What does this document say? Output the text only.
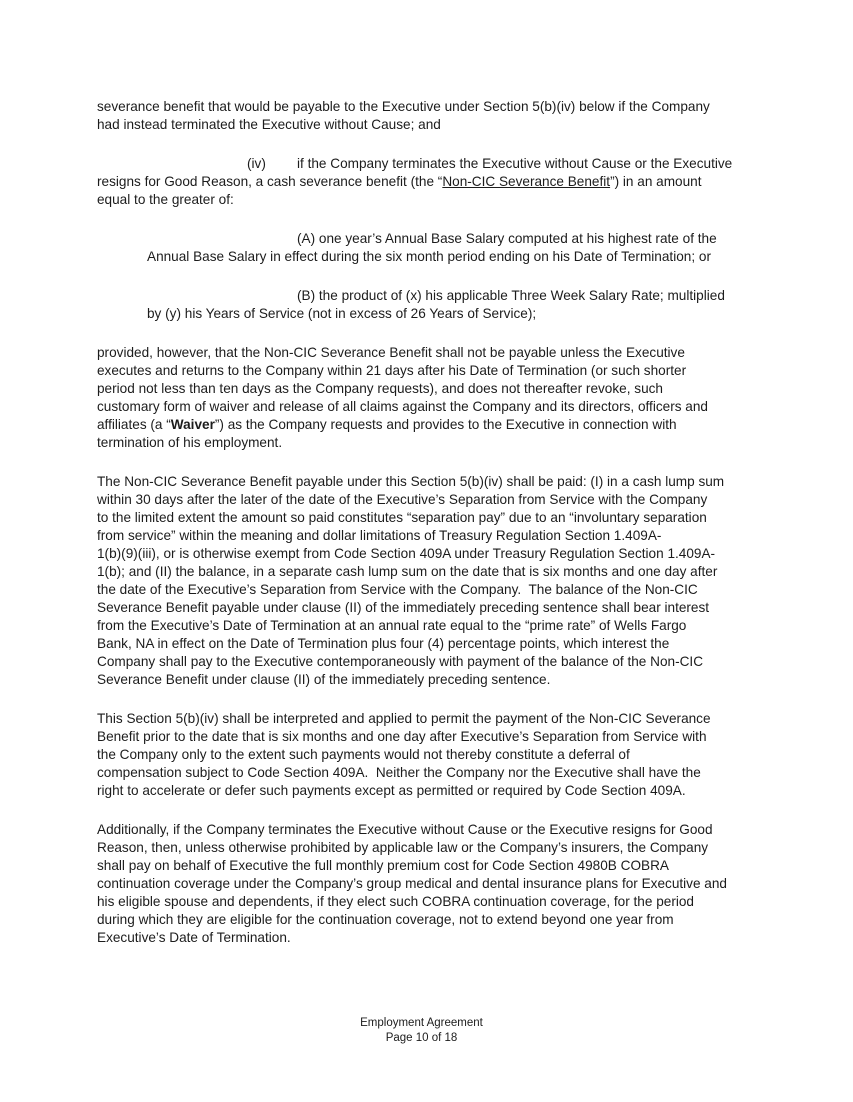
severance benefit that would be payable to the Executive under Section 5(b)(iv) below if the Company
had instead terminated the Executive without Cause; and
(iv) if the Company terminates the Executive without Cause or the Executive
resigns for Good Reason, a cash severance benefit (the “Non-CIC Severance Benefit”) in an amount
equal to the greater of:
(A) one year’s Annual Base Salary computed at his highest rate of the
Annual Base Salary in effect during the six month period ending on his Date of Termination; or
(B) the product of (x) his applicable Three Week Salary Rate; multiplied
by (y) his Years of Service (not in excess of 26 Years of Service);
provided, however, that the Non-CIC Severance Benefit shall not be payable unless the Executive
executes and returns to the Company within 21 days after his Date of Termination (or such shorter
period not less than ten days as the Company requests), and does not thereafter revoke, such
customary form of waiver and release of all claims against the Company and its directors, officers and
affiliates (a “Waiver”) as the Company requests and provides to the Executive in connection with
termination of his employment.
The Non-CIC Severance Benefit payable under this Section 5(b)(iv) shall be paid: (I) in a cash lump sum
within 30 days after the later of the date of the Executive’s Separation from Service with the Company
to the limited extent the amount so paid constitutes “separation pay” due to an “involuntary separation
from service” within the meaning and dollar limitations of Treasury Regulation Section 1.409A-
1(b)(9)(iii), or is otherwise exempt from Code Section 409A under Treasury Regulation Section 1.409A-
1(b); and (II) the balance, in a separate cash lump sum on the date that is six months and one day after
the date of the Executive’s Separation from Service with the Company.  The balance of the Non-CIC
Severance Benefit payable under clause (II) of the immediately preceding sentence shall bear interest
from the Executive’s Date of Termination at an annual rate equal to the “prime rate” of Wells Fargo
Bank, NA in effect on the Date of Termination plus four (4) percentage points, which interest the
Company shall pay to the Executive contemporaneously with payment of the balance of the Non-CIC
Severance Benefit under clause (II) of the immediately preceding sentence.
This Section 5(b)(iv) shall be interpreted and applied to permit the payment of the Non-CIC Severance
Benefit prior to the date that is six months and one day after Executive’s Separation from Service with
the Company only to the extent such payments would not thereby constitute a deferral of
compensation subject to Code Section 409A.  Neither the Company nor the Executive shall have the
right to accelerate or defer such payments except as permitted or required by Code Section 409A.
Additionally, if the Company terminates the Executive without Cause or the Executive resigns for Good
Reason, then, unless otherwise prohibited by applicable law or the Company’s insurers, the Company
shall pay on behalf of Executive the full monthly premium cost for Code Section 4980B COBRA
continuation coverage under the Company’s group medical and dental insurance plans for Executive and
his eligible spouse and dependents, if they elect such COBRA continuation coverage, for the period
during which they are eligible for the continuation coverage, not to extend beyond one year from
Executive’s Date of Termination.
Employment Agreement
Page 10 of 18
